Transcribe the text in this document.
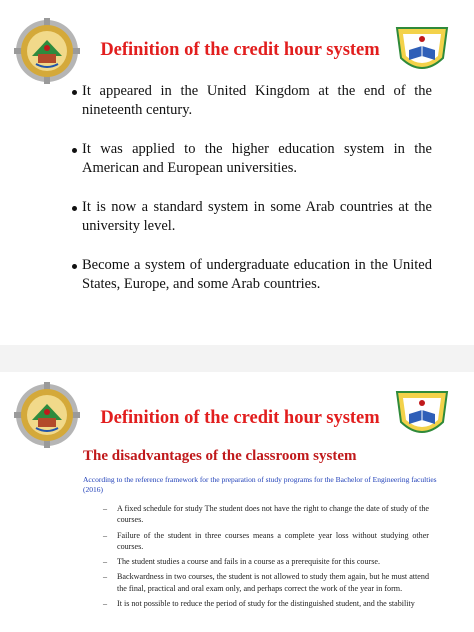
Definition of the credit hour system
It appeared in the United Kingdom at the end of the nineteenth century.
It was applied to the higher education system in the American and European universities.
It is now a standard system in some Arab countries at the university level.
Become a system of undergraduate education in the United States, Europe, and some Arab countries.
Definition of the credit hour system
The disadvantages of the classroom system
According to the reference framework for the preparation of study programs for the Bachelor of Engineering faculties (2016)
– A fixed schedule for study The student does not have the right to change the date of study of the courses.
– Failure of the student in three courses means a complete year loss without studying other courses.
– The student studies a course and fails in a course as a prerequisite for this course.
– Backwardness in two courses, the student is not allowed to study them again, but he must attend the final, practical and oral exam only, and perhaps correct the work of the year in form.
– It is not possible to reduce the period of study for the distinguished student, and the stability
